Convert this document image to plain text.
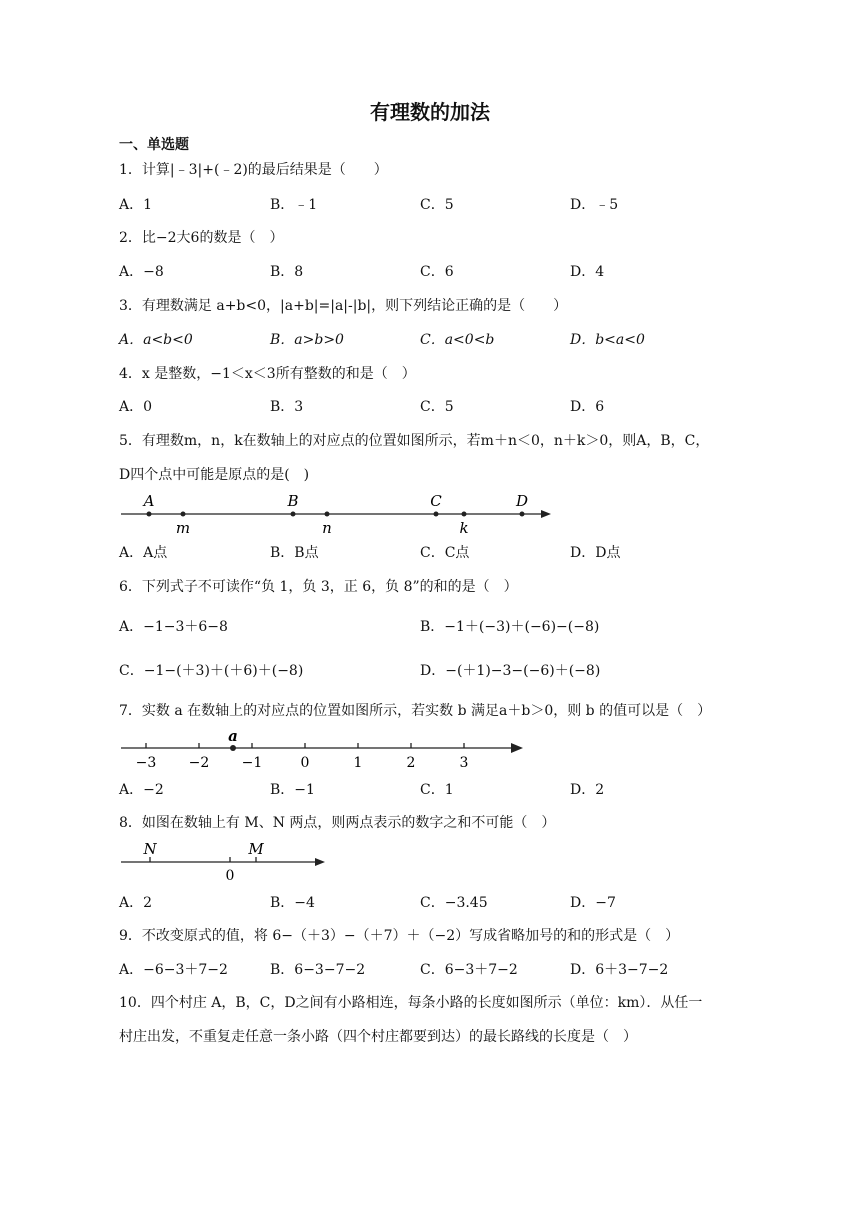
有理数的加法
一、单选题
1．计算|﹣3|+(﹣2)的最后结果是（　　）
A．1	B．﹣1	C．5	D．﹣5
2．比−2大6的数是（　）
A．−8	B．8	C．6	D．4
3．有理数满足 a+b<0，|a+b|=|a|-|b|，则下列结论正确的是（　　）
A．a<b<0	B．a>b>0	C．a<0<b	D．b<a<0
4．x 是整数，−1＜x＜3所有整数的和是（　）
A．0	B．3	C．5	D．6
5．有理数m，n，k在数轴上的对应点的位置如图所示，若m＋n＜0，n＋k＞0，则A，B，C，
D四个点中可能是原点的是(　)
A	B	C	D
m	n	k
A．A点	B．B点	C．C点	D．D点
6．下列式子不可读作“负 1，负 3，正 6，负 8”的和的是（　）
A．−1−3＋6−8	B．−1＋(−3)＋(−6)−(−8)
C．−1−(＋3)＋(＋6)＋(−8)	D．−(＋1)−3−(−6)＋(−8)
7．实数 a 在数轴上的对应点的位置如图所示，若实数 b 满足a＋b＞0，则 b 的值可以是（　）
−3 −2 −1	0	1	2	3
a
A．−2	B．−1	C．1	D．2
8．如图在数轴上有 M、N 两点，则两点表示的数字之和不可能（　）
N	M
0
A．2	B．−4	C．−3.45	D．−7
9．不改变原式的值，将 6−（＋3）−（＋7）＋（−2）写成省略加号的和的形式是（　）
A．−6−3＋7−2	B．6−3−7−2	C．6−3＋7−2	D．6＋3−7−2
10．四个村庄 A，B，C，D之间有小路相连，每条小路的长度如图所示（单位：km）．从任一
村庄出发，不重复走任意一条小路（四个村庄都要到达）的最长路线的长度是（　）
